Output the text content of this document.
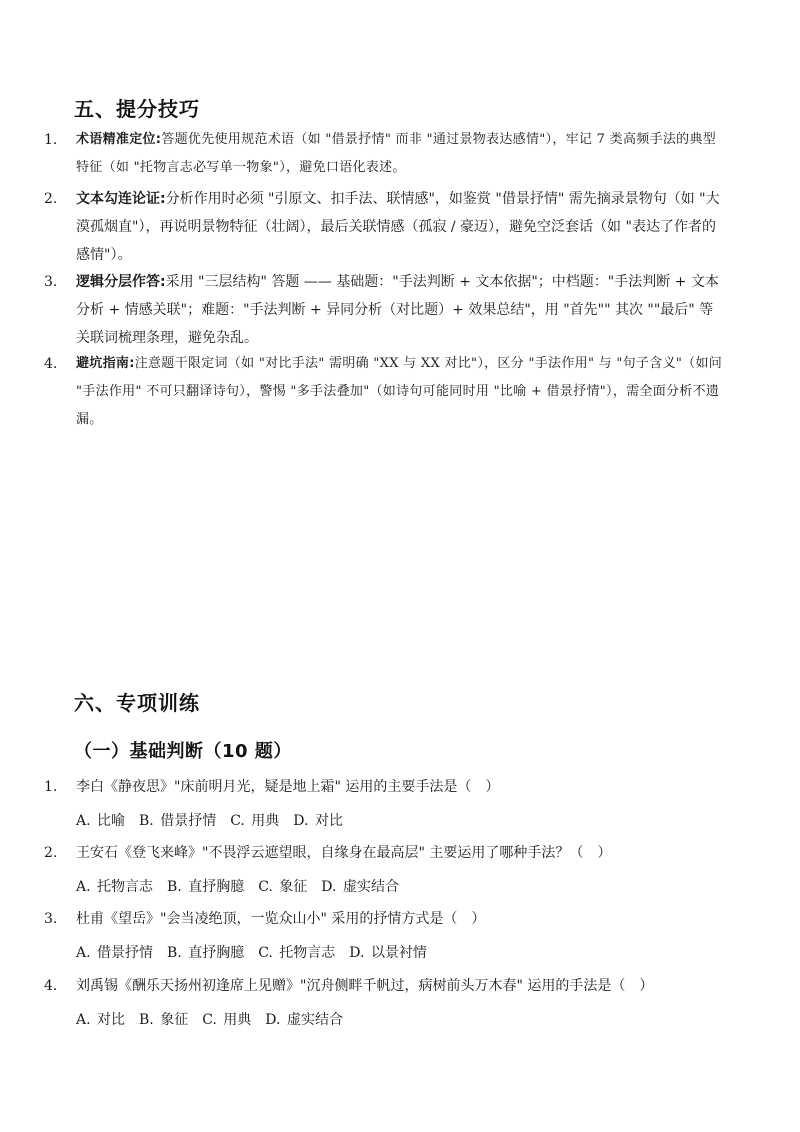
五、提分技巧
1.	术语精准定位:答题优先使用规范术语（如 "借景抒情" 而非 "通过景物表达感情"），牢记 7 类高频手法的典型特征（如 "托物言志必写单一物象"），避免口语化表述。
2.	文本勾连论证:分析作用时必须 "引原文、扣手法、联情感"，如鉴赏 "借景抒情" 需先摘录景物句（如 "大漠孤烟直"），再说明景物特征（壮阔），最后关联情感（孤寂 / 豪迈），避免空泛套话（如 "表达了作者的感情"）。
3.	逻辑分层作答:采用 "三层结构" 答题 —— 基础题："手法判断 + 文本依据"；中档题："手法判断 + 文本分析 + 情感关联"；难题："手法判断 + 异同分析（对比题）+ 效果总结"，用 "首先"" 其次 ""最后" 等关联词梳理条理，避免杂乱。
4.	避坑指南:注意题干限定词（如 "对比手法" 需明确 "XX 与 XX 对比"），区分 "手法作用" 与 "句子含义"（如问 "手法作用" 不可只翻译诗句），警惕 "多手法叠加"（如诗句可能同时用 "比喻 + 借景抒情"），需全面分析不遗漏。
六、专项训练
（一）基础判断（10 题）
1.	李白《静夜思》"床前明月光，疑是地上霜" 运用的主要手法是（　）
A. 比喻　B. 借景抒情　C. 用典　D. 对比
2.	王安石《登飞来峰》"不畏浮云遮望眼，自缘身在最高层" 主要运用了哪种手法？（　）
A. 托物言志　B. 直抒胸臆　C. 象征　D. 虚实结合
3.	杜甫《望岳》"会当凌绝顶，一览众山小" 采用的抒情方式是（　）
A. 借景抒情　B. 直抒胸臆　C. 托物言志　D. 以景衬情
4.	刘禹锡《酬乐天扬州初逢席上见赠》"沉舟侧畔千帆过，病树前头万木春" 运用的手法是（　）
A. 对比　B. 象征　C. 用典　D. 虚实结合
